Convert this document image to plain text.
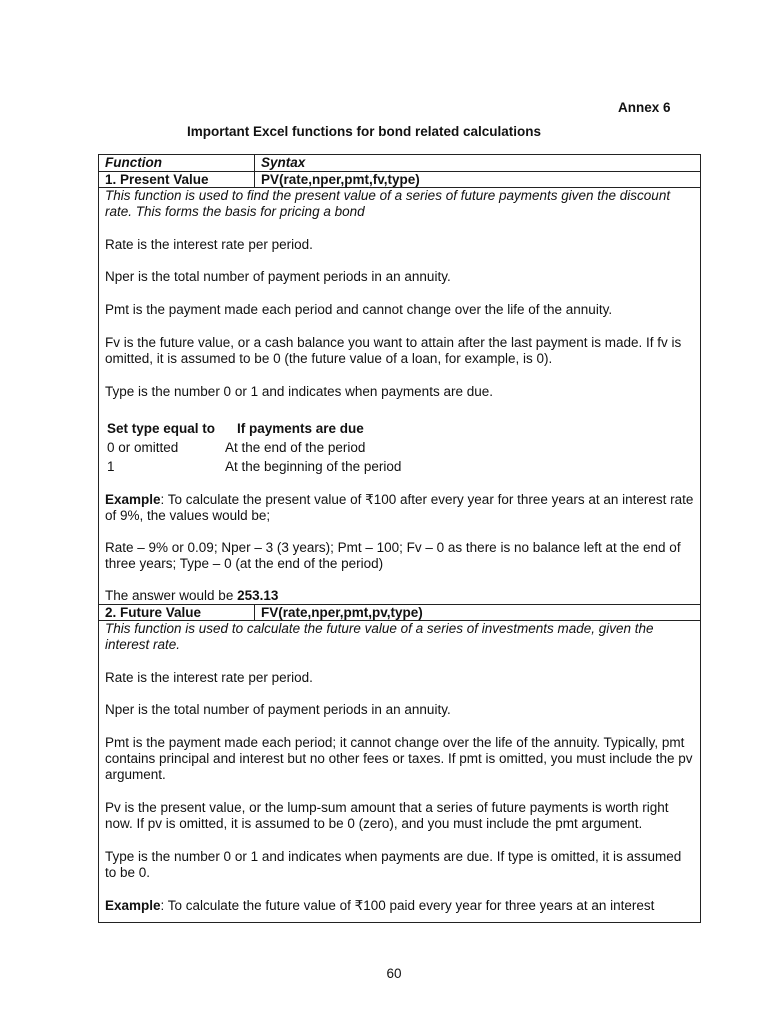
Annex 6
Important Excel functions for bond related calculations
Function	Syntax
1. Present Value	PV(rate,nper,pmt,fv,type)

This function is used to find the present value of a series of future payments given the discount rate. This forms the basis for pricing a bond

Rate is the interest rate per period.

Nper is the total number of payment periods in an annuity.

Pmt is the payment made each period and cannot change over the life of the annuity.

Fv is the future value, or a cash balance you want to attain after the last payment is made. If fv is omitted, it is assumed to be 0 (the future value of a loan, for example, is 0).

Type is the number 0 or 1 and indicates when payments are due.

Set type equal to	If payments are due
0 or omitted	At the end of the period
1	At the beginning of the period

Example: To calculate the present value of ₹100 after every year for three years at an interest rate of 9%, the values would be;

Rate – 9% or 0.09; Nper – 3 (3 years); Pmt – 100; Fv – 0 as there is no balance left at the end of three years; Type – 0 (at the end of the period)

The answer would be 253.13

2. Future Value	FV(rate,nper,pmt,pv,type)

This function is used to calculate the future value of a series of investments made, given the interest rate.

Rate is the interest rate per period.

Nper is the total number of payment periods in an annuity.

Pmt is the payment made each period; it cannot change over the life of the annuity. Typically, pmt contains principal and interest but no other fees or taxes. If pmt is omitted, you must include the pv argument.

Pv is the present value, or the lump-sum amount that a series of future payments is worth right now. If pv is omitted, it is assumed to be 0 (zero), and you must include the pmt argument.

Type is the number 0 or 1 and indicates when payments are due. If type is omitted, it is assumed to be 0.

Example: To calculate the future value of ₹100 paid every year for three years at an interest

60
